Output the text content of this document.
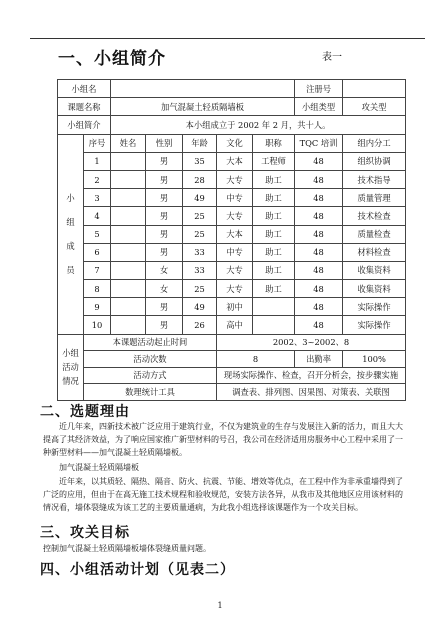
一、小组简介	表一
小组名							注册号	
课题名称		加气混凝土轻质隔墙板					小组类型	攻关型
小组简介		本小组成立于 2002 年 2 月，共十人。						

小
组
成
员	序号	姓名	性别	年龄	文化	职称	TQC 培训	组内分工
	1		男	35	大本	工程师	48	组织协调
	2		男	28	大专	助工	48	技术指导
	3		男	49	中专	助工	48	质量管理
	4		男	25	大专	助工	48	技术检查
	5		男	25	大本	助工	48	质量检查
	6		男	33	中专	助工	48	材料检查
	7		女	33	大专	助工	48	收集资料
	8		女	25	大专	助工	48	收集资料
	9		男	49	初中		48	实际操作
	10		男	26	高中		48	实际操作

小组
活动
情况	本课题活动起止时间				2002、3~2002、8			
	活动次数				8		出勤率	100%
	活动方式				现场实际操作、检查，召开分析会，按步骤实施			
	数理统计工具				调查表、排列图、因果图、对策表、关联图			
二、选题理由
近几年来，四新技术被广泛应用于建筑行业，不仅为建筑业的生存与发展注入新的活力，而且大大提高了其经济效益，为了响应国家推广新型材料的号召，我公司在经济适用房服务中心工程中采用了一种新型材料——加气混凝土轻质隔墙板。
加气混凝土轻质隔墙板
近年来，以其质轻、隔热、隔音、防火、抗震、节能、增效等优点，在工程中作为非承重墙得到了广泛的应用，但由于在高无施工技术规程和验收规范，安装方法各异，从我市及其他地区应用该材料的情况看，墙体裂缝成为该工艺的主要质量通病，为此我小组选择该课题作为一个攻关目标。
三、攻关目标
控制加气混凝土轻质隔墙板墙体裂缝质量问题。
四、小组活动计划（见表二）
1
